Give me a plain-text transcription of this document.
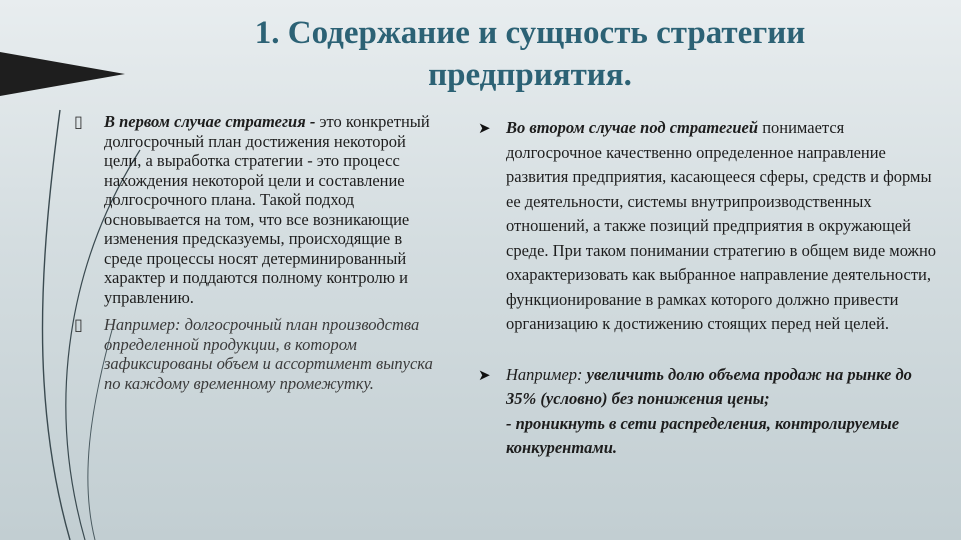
1. Содержание и сущность стратегии
предприятия.
▯ В первом случае стратегия - это конкретный долгосрочный план достижения некоторой цели, а выработка стратегии - это процесс нахождения некоторой цели и составление долгосрочного плана. Такой подход основывается на том, что все возникающие изменения предсказуемы, происходящие в среде процессы носят детерминированный характер и поддаются полному контролю и управлению.
▯ Например: долгосрочный план производства определенной продукции, в котором зафиксированы объем и ассортимент выпуска по каждому временному промежутку.
➤ Во втором случае под стратегией понимается долгосрочное качественно определенное направление развития предприятия, касающееся сферы, средств и формы ее деятельности, системы внутрипроизводственных отношений, а также позиций предприятия в окружающей среде. При таком понимании стратегию в общем виде можно охарактеризовать как выбранное направление деятельности, функционирование в рамках которого должно привести организацию к достижению стоящих перед ней целей.
➤ Например: увеличить долю объема продаж на рынке до 35% (условно) без понижения цены;
- проникнуть в сети распределения, контролируемые конкурентами.
